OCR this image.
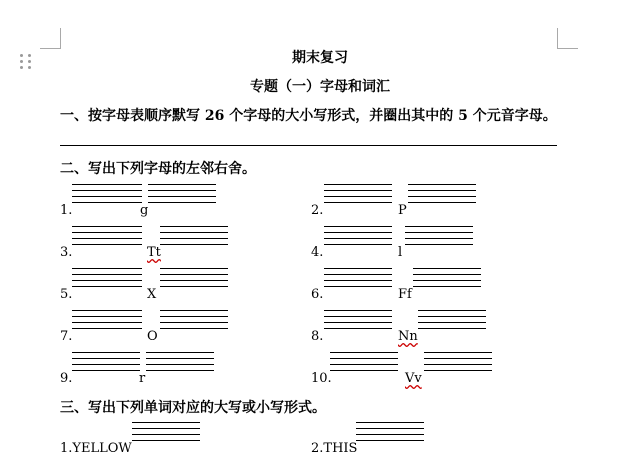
期末复习
专题（一）字母和词汇
一、按字母表顺序默写 26 个字母的大小写形式，并圈出其中的 5 个元音字母。
二、写出下列字母的左邻右舍。
1.	g	2.	P
3.	Tt	4.	l
5.	X	6.	Ff
7.	O	8.	Nn
9.	r	10.	Vv
三、写出下列单词对应的大写或小写形式。
1.YELLOW	2.THIS
